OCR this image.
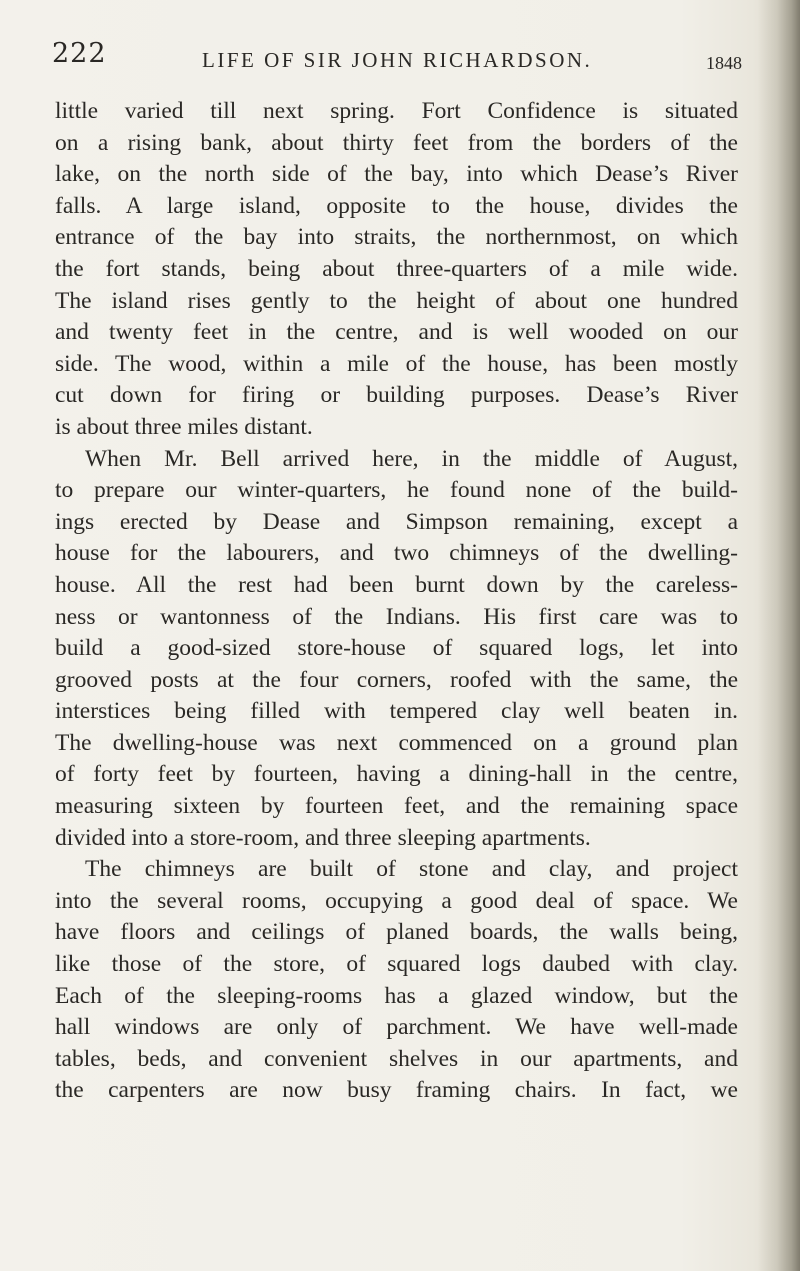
222	LIFE OF SIR JOHN RICHARDSON.	1848
little varied till next spring. Fort Confidence is situated
on a rising bank, about thirty feet from the borders of the
lake, on the north side of the bay, into which Dease’s River
falls. A large island, opposite to the house, divides the
entrance of the bay into straits, the northernmost, on which
the fort stands, being about three-quarters of a mile wide.
The island rises gently to the height of about one hundred
and twenty feet in the centre, and is well wooded on our
side. The wood, within a mile of the house, has been mostly
cut down for firing or building purposes. Dease’s River
is about three miles distant.
When Mr. Bell arrived here, in the middle of August,
to prepare our winter-quarters, he found none of the build-
ings erected by Dease and Simpson remaining, except a
house for the labourers, and two chimneys of the dwelling-
house. All the rest had been burnt down by the careless-
ness or wantonness of the Indians. His first care was to
build a good-sized store-house of squared logs, let into
grooved posts at the four corners, roofed with the same, the
interstices being filled with tempered clay well beaten in.
The dwelling-house was next commenced on a ground plan
of forty feet by fourteen, having a dining-hall in the centre,
measuring sixteen by fourteen feet, and the remaining space
divided into a store-room, and three sleeping apartments.
The chimneys are built of stone and clay, and project
into the several rooms, occupying a good deal of space. We
have floors and ceilings of planed boards, the walls being,
like those of the store, of squared logs daubed with clay.
Each of the sleeping-rooms has a glazed window, but the
hall windows are only of parchment. We have well-made
tables, beds, and convenient shelves in our apartments, and
the carpenters are now busy framing chairs. In fact, we
